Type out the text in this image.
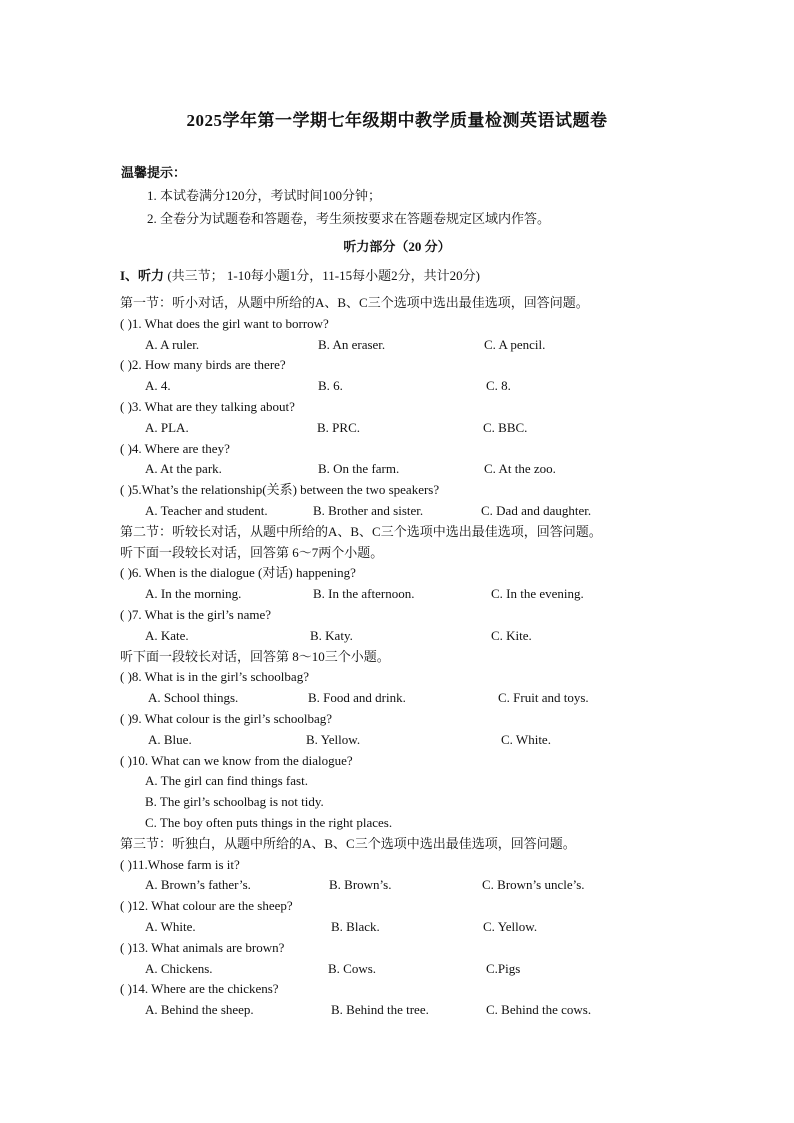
2025学年第一学期七年级期中教学质量检测英语试题卷
温馨提示：
1. 本试卷满分120分，考试时间100分钟；
2. 全卷分为试题卷和答题卷，考生须按要求在答题卷规定区域内作答。
听力部分（20 分）
I、听力 (共三节； 1-10每小题1分，11-15每小题2分，共计20分)
第一节：听小对话，从题中所给的A、B、C三个选项中选出最佳选项，回答问题。
( )1. What does the girl want to borrow?
A. A ruler.	B. An eraser.	C. A pencil.
( )2. How many birds are there?
A. 4.	B. 6.	C. 8.
( )3. What are they talking about?
A. PLA.	B. PRC.	C. BBC.
( )4. Where are they?
A. At the park.	B. On the farm.	C. At the zoo.
( )5.What’s the relationship(关系) between the two speakers?
A. Teacher and student.	B. Brother and sister.	C. Dad and daughter.
第二节：听较长对话，从题中所给的A、B、C三个选项中选出最佳选项，回答问题。
听下面一段较长对话，回答第 6～7两个小题。
( )6. When is the dialogue (对话) happening?
A. In the morning.	B. In the afternoon.	C. In the evening.
( )7. What is the girl’s name?
A. Kate.	B. Katy.	C. Kite.
听下面一段较长对话，回答第 8～10三个小题。
( )8. What is in the girl’s schoolbag?
A. School things.	B. Food and drink.	C. Fruit and toys.
( )9. What colour is the girl’s schoolbag?
A. Blue.	B. Yellow.	C. White.
( )10. What can we know from the dialogue?
A. The girl can find things fast.
B. The girl’s schoolbag is not tidy.
C. The boy often puts things in the right places.
第三节：听独白，从题中所给的A、B、C三个选项中选出最佳选项，回答问题。
( )11.Whose farm is it?
A. Brown’s father’s.	B. Brown’s.	C. Brown’s uncle’s.
( )12. What colour are the sheep?
A. White.	B. Black.	C. Yellow.
( )13. What animals are brown?
A. Chickens.	B. Cows.	C.Pigs
( )14. Where are the chickens?
A. Behind the sheep.	B. Behind the tree.	C. Behind the cows.
